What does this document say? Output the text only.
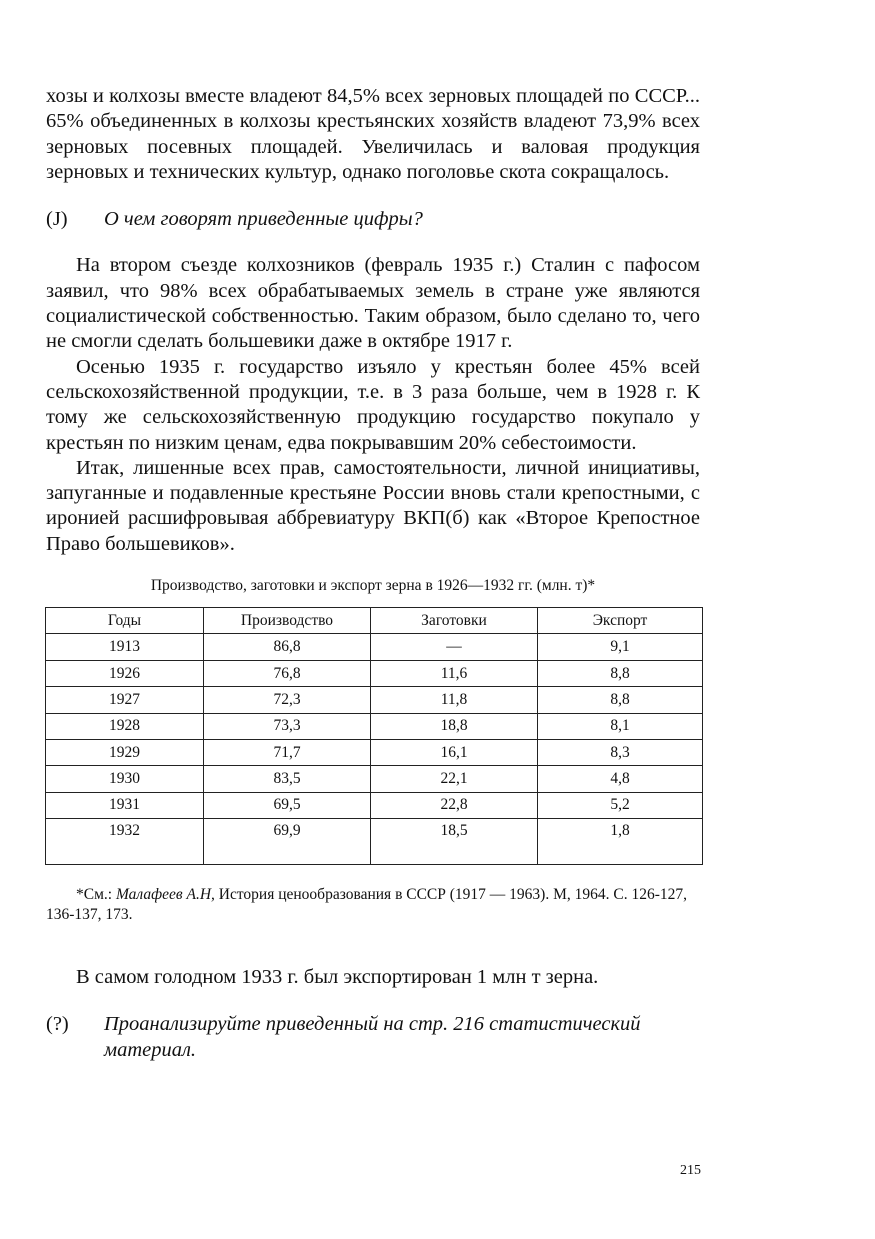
хозы и колхозы вместе владеют 84,5% всех зерновых площадей по СССР... 65% объединенных в колхозы крестьянских хозяйств владеют 73,9% всех зерновых посевных площадей. Увеличилась и валовая продукция зерновых и технических культур, однако поголовье скота сокращалось.

(J)	О чем говорят приведенные цифры?

На втором съезде колхозников (февраль 1935 г.) Сталин с пафосом заявил, что 98% всех обрабатываемых земель в стране уже являются социалистической собственностью. Таким образом, было сделано то, чего не смогли сделать большевики даже в октябре 1917 г.

Осенью 1935 г. государство изъяло у крестьян более 45% всей сельскохозяйственной продукции, т.е. в 3 раза больше, чем в 1928 г. К тому же сельскохозяйственную продукцию государство покупало у крестьян по низким ценам, едва покрывавшим 20% себестоимости.

Итак, лишенные всех прав, самостоятельности, личной инициативы, запуганные и подавленные крестьяне России вновь стали крепостными, с иронией расшифровывая аббревиатуру ВКП(б) как «Второе Крепостное Право большевиков».

Производство, заготовки и экспорт зерна в 1926—1932 гг. (млн. т)*

Годы	Производство	Заготовки	Экспорт
1913	86,8	—	9,1
1926	76,8	11,6	8,8
1927	72,3	11,8	8,8
1928	73,3	18,8	8,1
1929	71,7	16,1	8,3
1930	83,5	22,1	4,8
1931	69,5	22,8	5,2
1932	69,9	18,5	1,8

*См.: Малафеев А.Н, История ценообразования в СССР (1917 — 1963). М, 1964. С. 126-127, 136-137, 173.

В самом голодном 1933 г. был экспортирован 1 млн т зерна.

(?)	Проанализируйте приведенный на стр. 216 статистический материал.
215
